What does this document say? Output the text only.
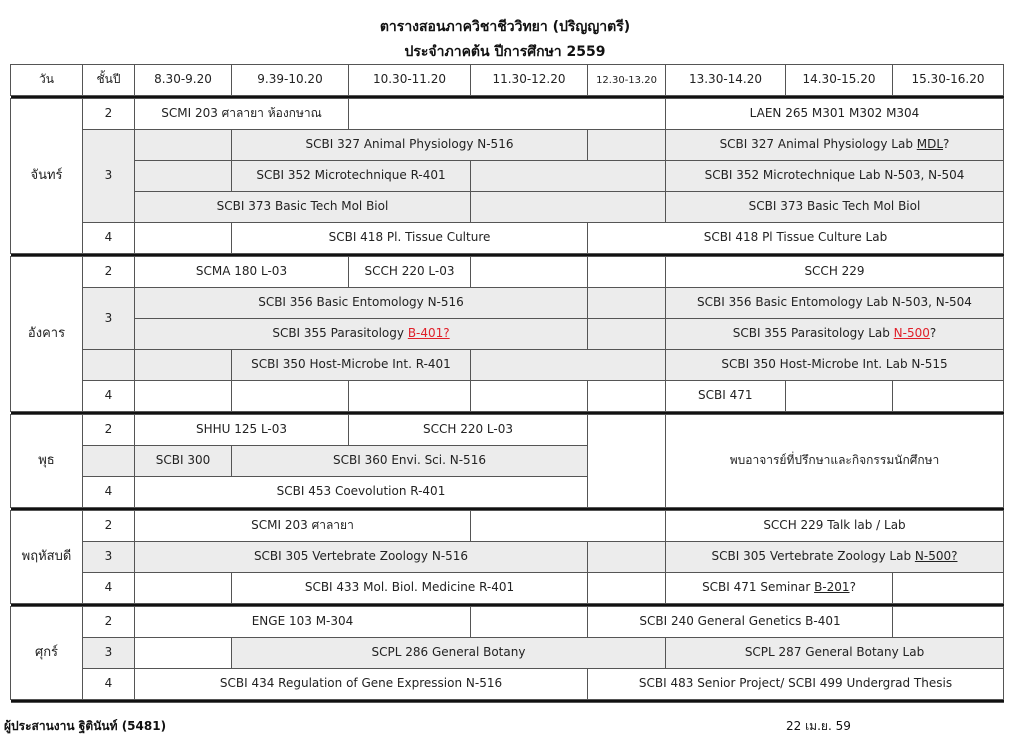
ตารางสอนภาควิชาชีววิทยา (ปริญญาตรี)
ประจำภาคต้น ปีการศึกษา 2559
วัน	ชั้นปี	8.30-9.20	9.39-10.20	10.30-11.20	11.30-12.20	12.30-13.20	13.30-14.20	14.30-15.20	15.30-16.20

จันทร์	2	SCMI 203 ศาลายา ห้องกษาณ					LAEN 265 M301 M302 M304		
	3		SCBI 327 Animal Physiology N-516				SCBI 327 Animal Physiology Lab MDL?		
			SCBI 352 Microtechnique R-401				SCBI 352 Microtechnique Lab N-503, N-504		
		SCBI 373 Basic Tech Mol Biol					SCBI 373 Basic Tech Mol Biol		
	4		SCBI 418 Pl. Tissue Culture			SCBI 418 Pl Tissue Culture Lab			

อังคาร	2	SCMA 180 L-03		SCCH 220 L-03			SCCH 229		
	3	SCBI 356 Basic Entomology N-516					SCBI 356 Basic Entomology Lab N-503, N-504		
		SCBI 355 Parasitology B-401?					SCBI 355 Parasitology Lab N-500?		
			SCBI 350 Host-Microbe Int. R-401				SCBI 350 Host-Microbe Int. Lab N-515		
	4						SCBI 471		

พุธ	2	SHHU 125 L-03		SCCH 220 L-03			พบอาจารย์ที่ปรึกษาและกิจกรรมนักศึกษา		
		SCBI 300	SCBI 360 Envi. Sci. N-516						
	4	SCBI 453 Coevolution R-401							

พฤหัสบดี	2	SCMI 203 ศาลายา					SCCH 229 Talk lab / Lab		
	3	SCBI 305 Vertebrate Zoology N-516					SCBI 305 Vertebrate Zoology Lab N-500?		
	4		SCBI 433 Mol. Biol. Medicine R-401				SCBI 471 Seminar B-201?		

ศุกร์	2	ENGE 103 M-304				SCBI 240 General Genetics B-401			
	3		SCPL 286 General Botany				SCPL 287 General Botany Lab		
	4	SCBI 434 Regulation of Gene Expression N-516				SCBI 483 Senior Project/ SCBI 499 Undergrad Thesis			

ผู้ประสานงาน ฐิตินันท์ (5481)	22 เม.ย. 59
